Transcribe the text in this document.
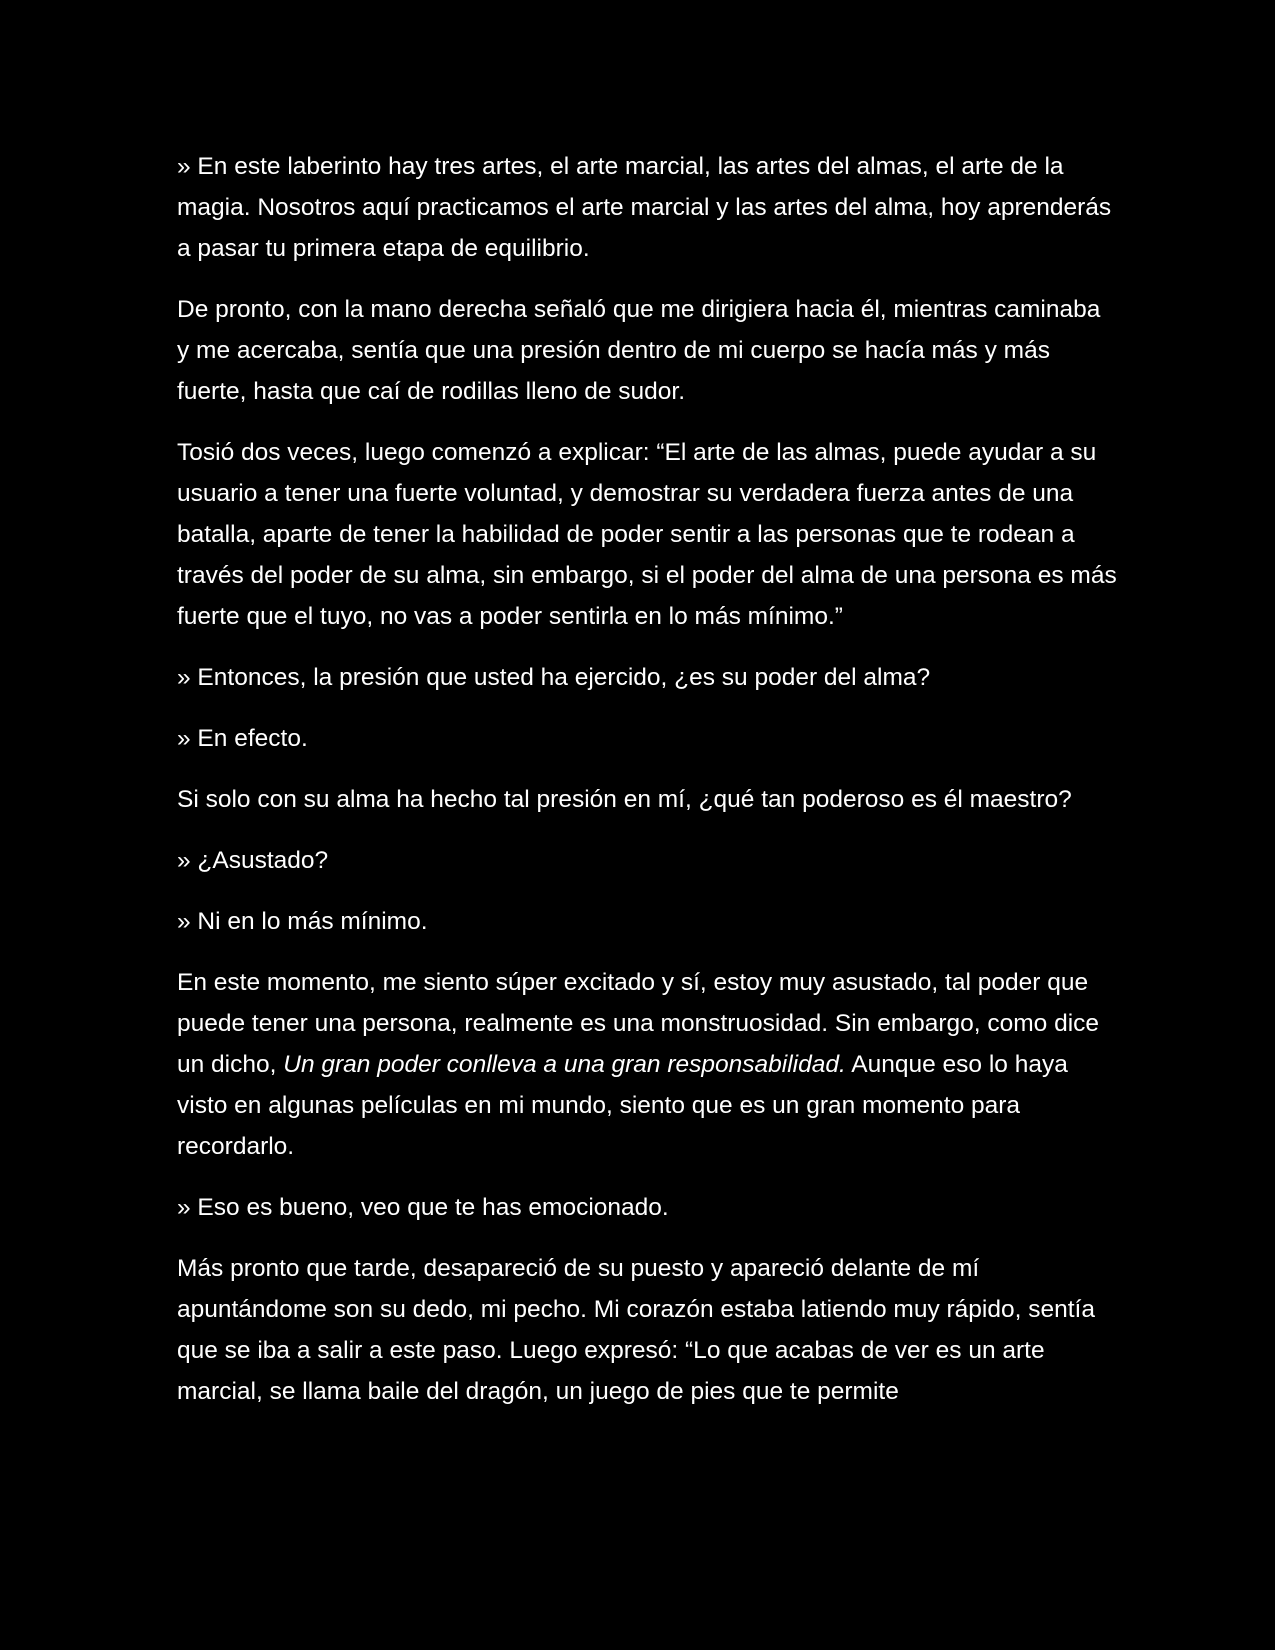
» En este laberinto hay tres artes, el arte marcial, las artes del almas, el arte de la magia. Nosotros aquí practicamos el arte marcial y las artes del alma, hoy aprenderás a pasar tu primera etapa de equilibrio.

De pronto, con la mano derecha señaló que me dirigiera hacia él, mientras caminaba y me acercaba, sentía que una presión dentro de mi cuerpo se hacía más y más fuerte, hasta que caí de rodillas lleno de sudor.

Tosió dos veces, luego comenzó a explicar: “El arte de las almas, puede ayudar a su usuario a tener una fuerte voluntad, y demostrar su verdadera fuerza antes de una batalla, aparte de tener la habilidad de poder sentir a las personas que te rodean a través del poder de su alma, sin embargo, si el poder del alma de una persona es más fuerte que el tuyo, no vas a poder sentirla en lo más mínimo.”

» Entonces, la presión que usted ha ejercido, ¿es su poder del alma?

» En efecto.

Si solo con su alma ha hecho tal presión en mí, ¿qué tan poderoso es él maestro?

» ¿Asustado?

» Ni en lo más mínimo.

En este momento, me siento súper excitado y sí, estoy muy asustado, tal poder que puede tener una persona, realmente es una monstruosidad. Sin embargo, como dice un dicho, Un gran poder conlleva a una gran responsabilidad. Aunque eso lo haya visto en algunas películas en mi mundo, siento que es un gran momento para recordarlo.

» Eso es bueno, veo que te has emocionado.

Más pronto que tarde, desapareció de su puesto y apareció delante de mí apuntándome son su dedo, mi pecho. Mi corazón estaba latiendo muy rápido, sentía que se iba a salir a este paso. Luego expresó: “Lo que acabas de ver es un arte marcial, se llama baile del dragón, un juego de pies que te permite
